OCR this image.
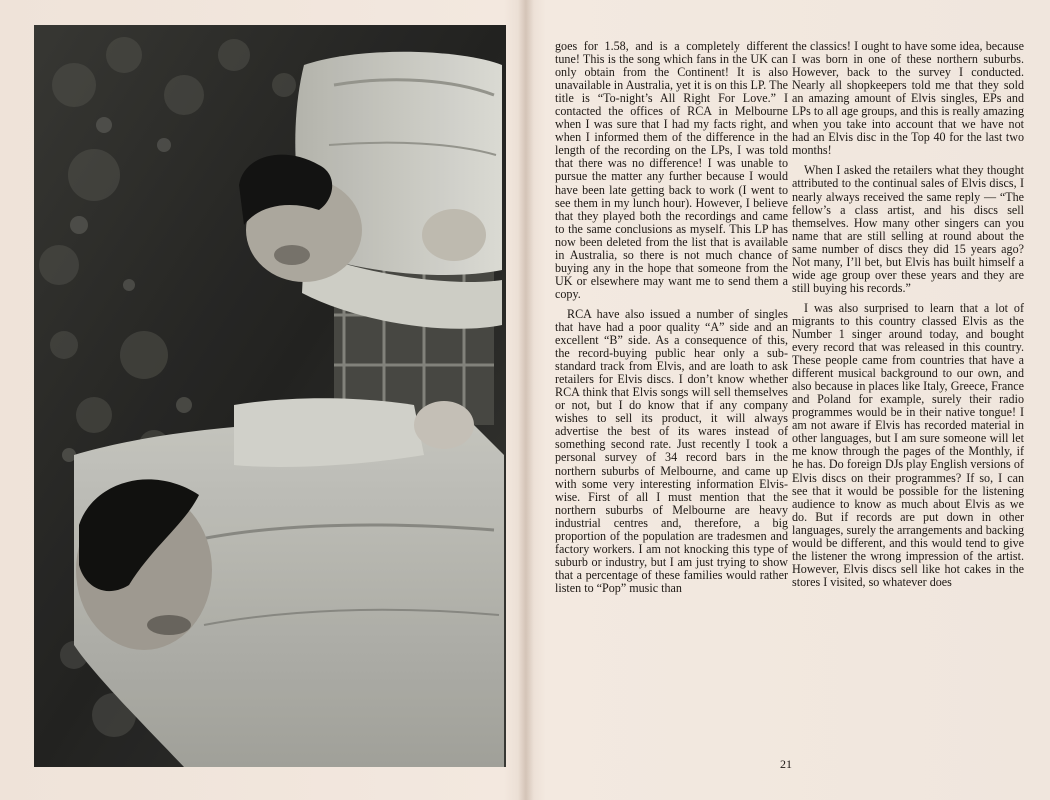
goes for 1.58, and is a completely different tune! This is the song which fans in the UK can only obtain from the Continent! It is also unavailable in Australia, yet it is on this LP. The title is “To-night’s All Right For Love.” I contacted the offices of RCA in Melbourne when I was sure that I had my facts right, and when I informed them of the difference in the length of the recording on the LPs, I was told that there was no difference! I was unable to pursue the matter any further because I would have been late getting back to work (I went to see them in my lunch hour). However, I believe that they played both the recordings and came to the same conclusions as myself. This LP has now been deleted from the list that is available in Australia, so there is not much chance of buying any in the hope that someone from the UK or elsewhere may want me to send them a copy.

RCA have also issued a number of singles that have had a poor quality “A” side and an excellent “B” side. As a consequence of this, the record-buying public hear only a sub-standard track from Elvis, and are loath to ask retailers for Elvis discs. I don’t know whether RCA think that Elvis songs will sell themselves or not, but I do know that if any company wishes to sell its product, it will always advertise the best of its wares instead of something second rate. Just recently I took a personal survey of 34 record bars in the northern suburbs of Melbourne, and came up with some very interesting information Elvis-wise. First of all I must mention that the northern suburbs of Melbourne are heavy industrial centres and, therefore, a big proportion of the population are tradesmen and factory workers. I am not knocking this type of suburb or industry, but I am just trying to show that a percentage of these families would rather listen to “Pop” music than

the classics! I ought to have some idea, because I was born in one of these northern suburbs. However, back to the survey I conducted. Nearly all shopkeepers told me that they sold an amazing amount of Elvis singles, EPs and LPs to all age groups, and this is really amazing when you take into account that we have not had an Elvis disc in the Top 40 for the last two months!

When I asked the retailers what they thought attributed to the continual sales of Elvis discs, I nearly always received the same reply — “The fellow’s a class artist, and his discs sell themselves. How many other singers can you name that are still selling at round about the same number of discs they did 15 years ago? Not many, I’ll bet, but Elvis has built himself a wide age group over these years and they are still buying his records.”

I was also surprised to learn that a lot of migrants to this country classed Elvis as the Number 1 singer around today, and bought every record that was released in this country. These people came from countries that have a different musical background to our own, and also because in places like Italy, Greece, France and Poland for example, surely their radio programmes would be in their native tongue! I am not aware if Elvis has recorded material in other languages, but I am sure someone will let me know through the pages of the Monthly, if he has. Do foreign DJs play English versions of Elvis discs on their programmes? If so, I can see that it would be possible for the listening audience to know as much about Elvis as we do. But if records are put down in other languages, surely the arrangements and backing would be different, and this would tend to give the listener the wrong impression of the artist. However, Elvis discs sell like hot cakes in the stores I visited, so whatever does

21
